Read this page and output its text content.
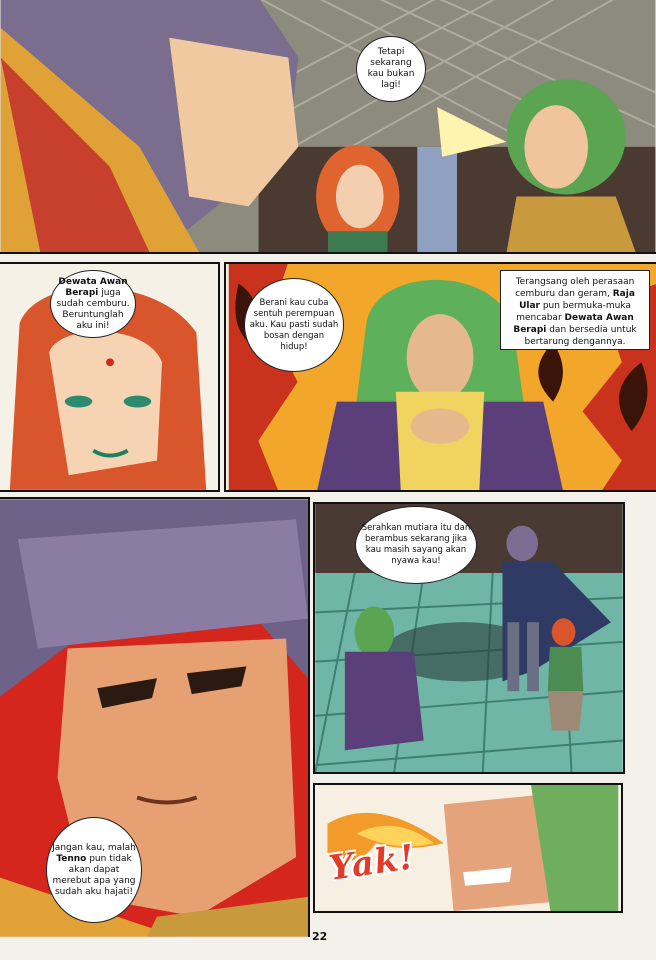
Tetapi sekarang kau bukan lagi!
Dewata Awan Berapi juga sudah cemburu. Beruntunglah aku ini!
Berani kau cuba sentuh perempuan aku. Kau pasti sudah bosan dengan hidup!
Terangsang oleh perasaan cemburu dan geram, Raja Ular pun bermuka-muka mencabar Dewata Awan Berapi dan bersedia untuk bertarung dengannya.
Jangan kau, malah Tenno pun tidak akan dapat merebut apa yang sudah aku hajati!
Serahkan mutiara itu dan berambus sekarang jika kau masih sayang akan nyawa kau!
Yak!
22
